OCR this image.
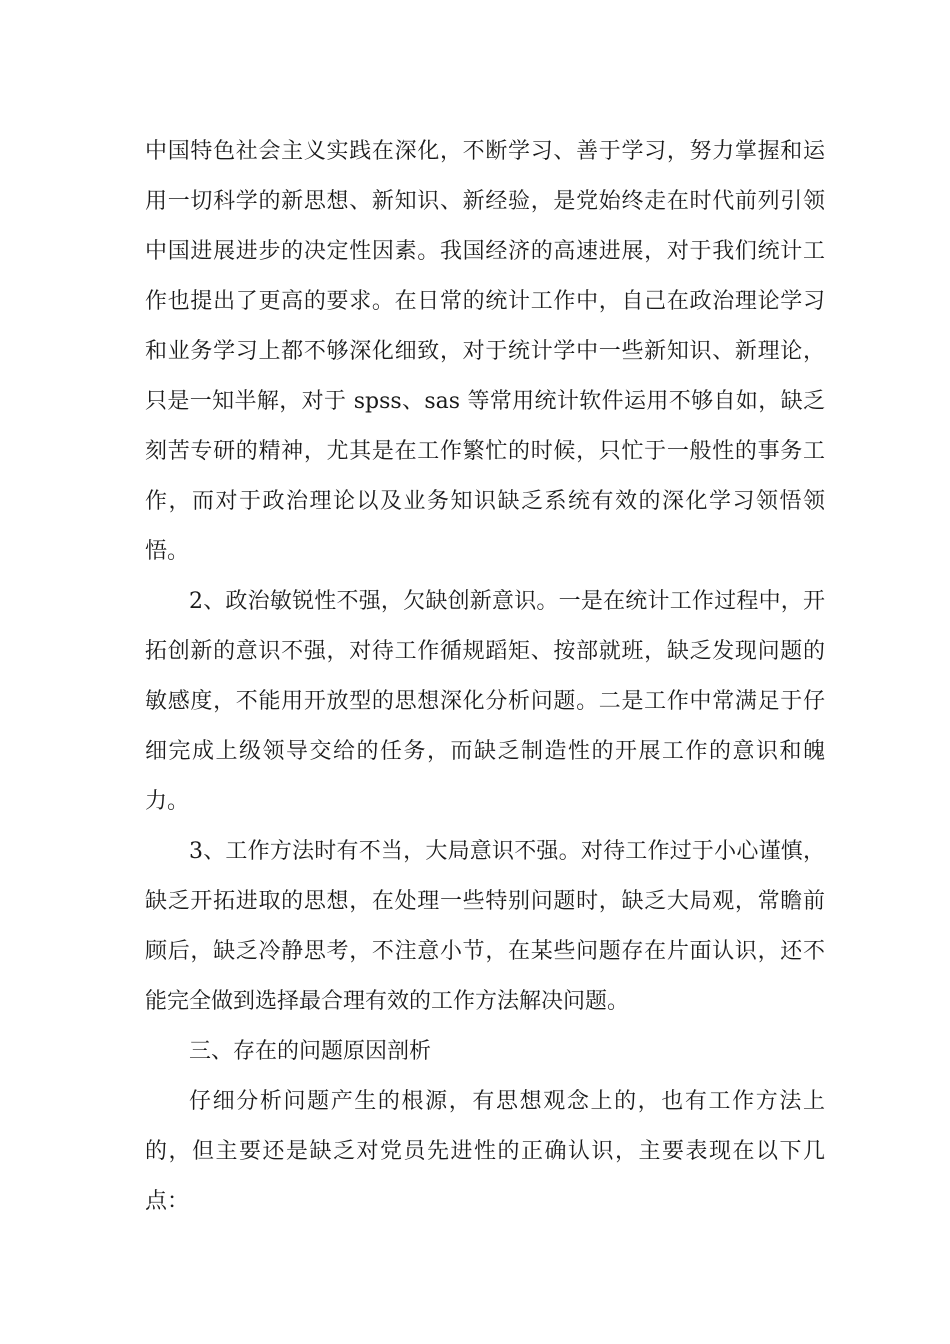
中国特色社会主义实践在深化，不断学习、善于学习，努力掌握和运用一切科学的新思想、新知识、新经验，是党始终走在时代前列引领中国进展进步的决定性因素。我国经济的高速进展，对于我们统计工作也提出了更高的要求。在日常的统计工作中，自己在政治理论学习和业务学习上都不够深化细致，对于统计学中一些新知识、新理论，只是一知半解，对于 spss、sas 等常用统计软件运用不够自如，缺乏刻苦专研的精神，尤其是在工作繁忙的时候，只忙于一般性的事务工作，而对于政治理论以及业务知识缺乏系统有效的深化学习领悟领悟。

2、政治敏锐性不强，欠缺创新意识。一是在统计工作过程中，开拓创新的意识不强，对待工作循规蹈矩、按部就班，缺乏发现问题的敏感度，不能用开放型的思想深化分析问题。二是工作中常满足于仔细完成上级领导交给的任务，而缺乏制造性的开展工作的意识和魄力。

3、工作方法时有不当，大局意识不强。对待工作过于小心谨慎，缺乏开拓进取的思想，在处理一些特别问题时，缺乏大局观，常瞻前顾后，缺乏冷静思考，不注意小节，在某些问题存在片面认识，还不能完全做到选择最合理有效的工作方法解决问题。

三、存在的问题原因剖析

仔细分析问题产生的根源，有思想观念上的，也有工作方法上的，但主要还是缺乏对党员先进性的正确认识，主要表现在以下几点：
